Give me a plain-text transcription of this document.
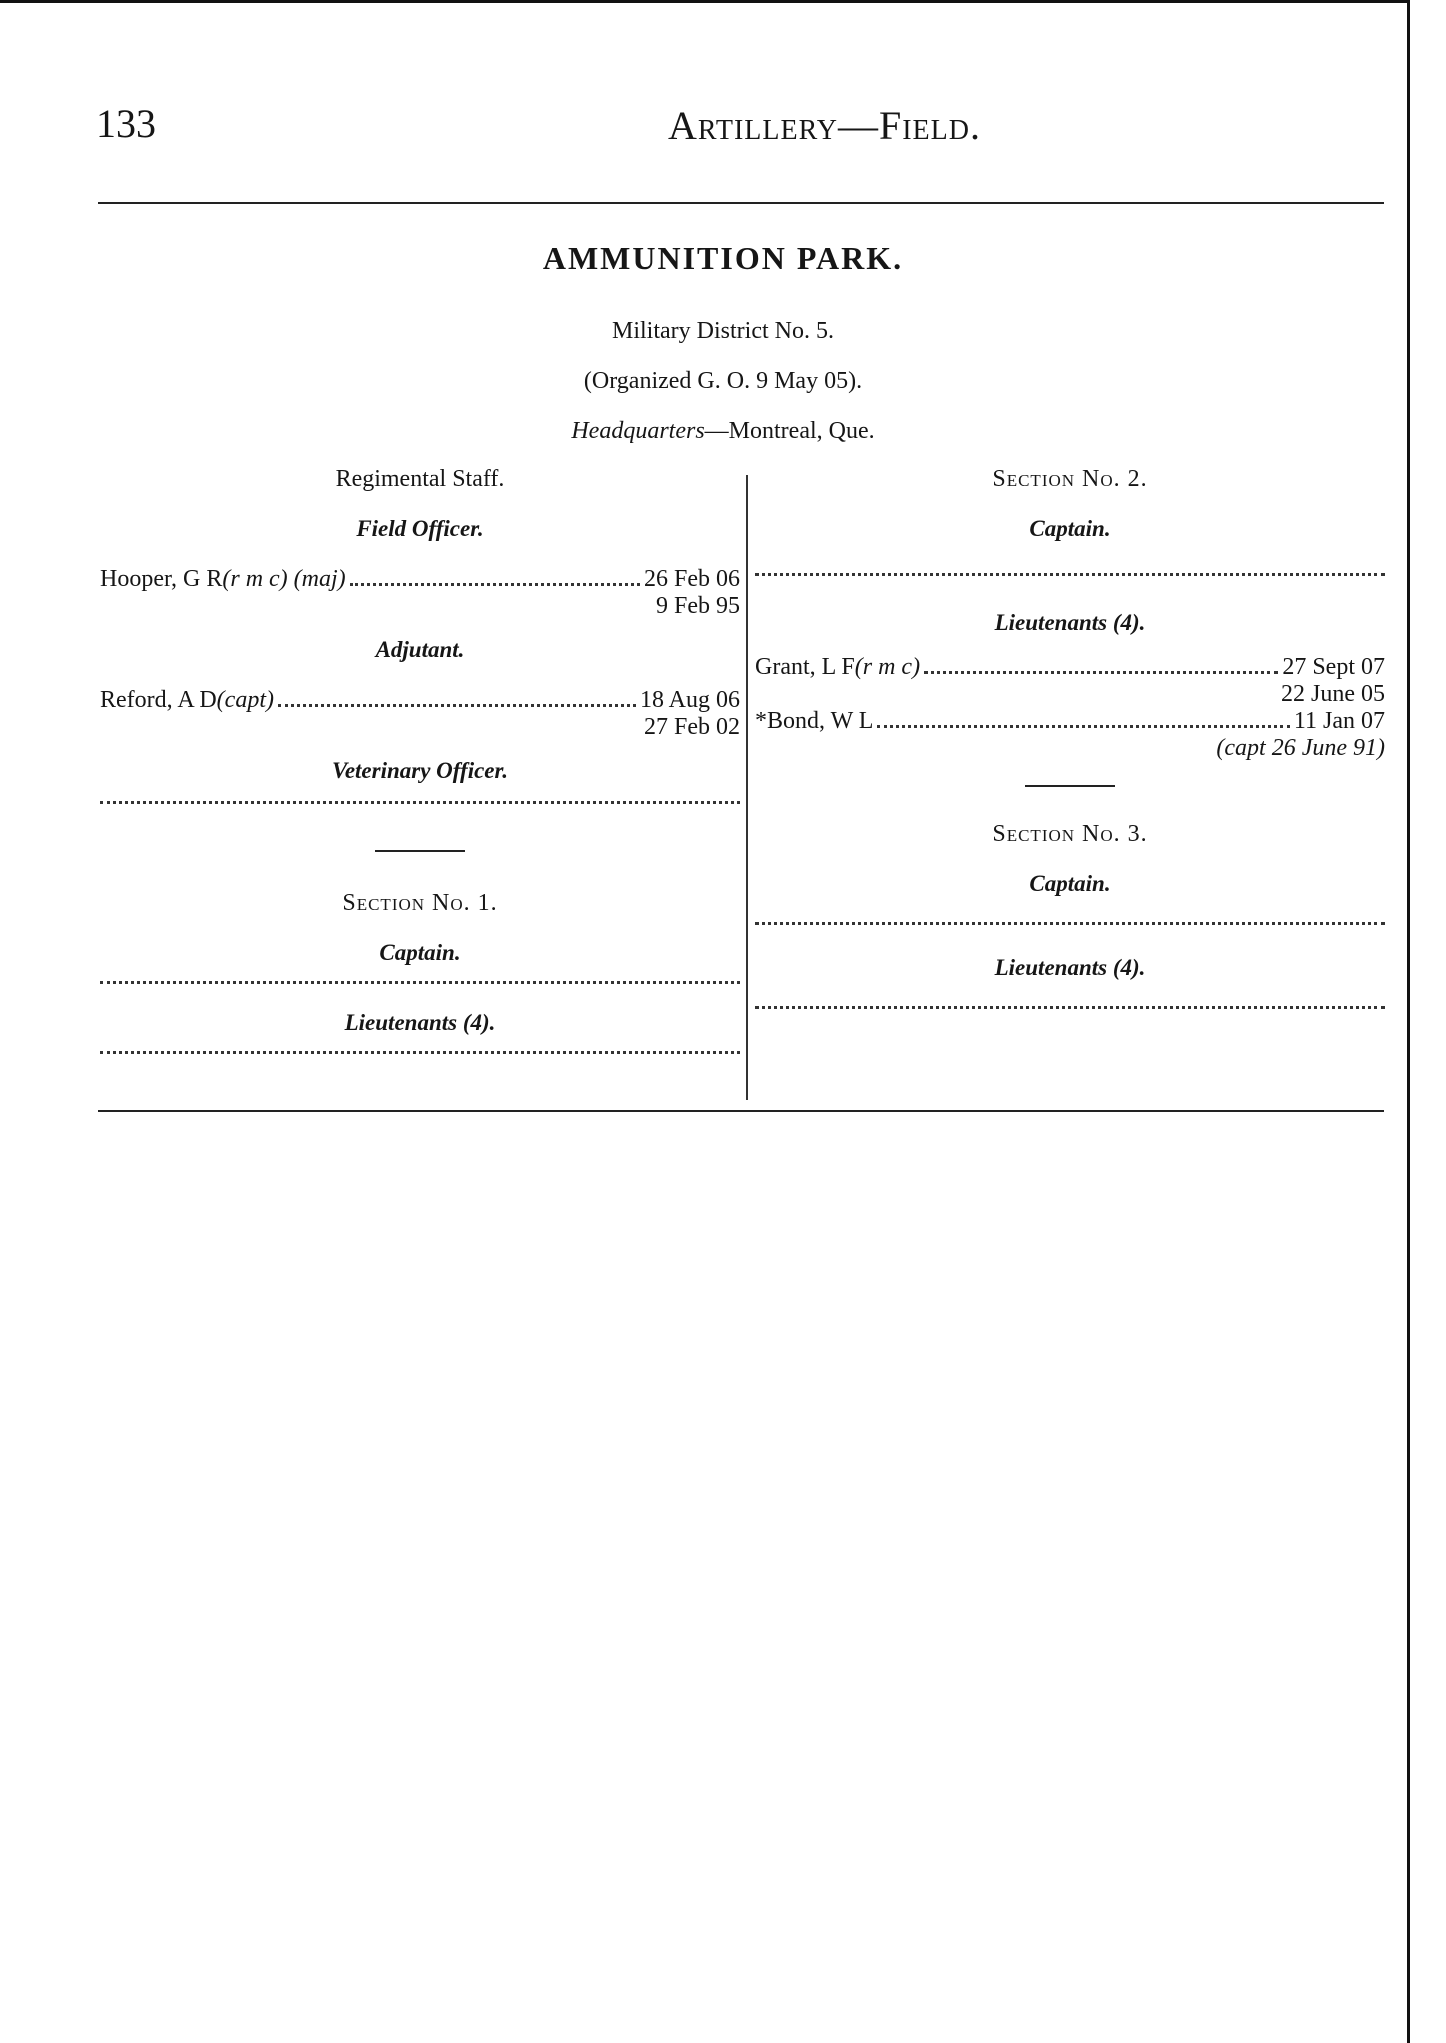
133	Artillery—Field.
AMMUNITION PARK.
Military District No. 5.
(Organized G. O. 9 May 05).
Headquarters—Montreal, Que.
Regimental Staff.
Field Officer.
Hooper, G R (r m c) (maj)	26 Feb 06
9 Feb 95
Adjutant.
Reford, A D (capt)	18 Aug 06
27 Feb 02
Veterinary Officer.
Section No. 1.
Captain.
Lieutenants (4).
Section No. 2.
Captain.
Lieutenants (4).
Grant, L F (r m c)	27 Sept 07
22 June 05
*Bond, W L	11 Jan 07
(capt 26 June 91)
Section No. 3.
Captain.
Lieutenants (4).
